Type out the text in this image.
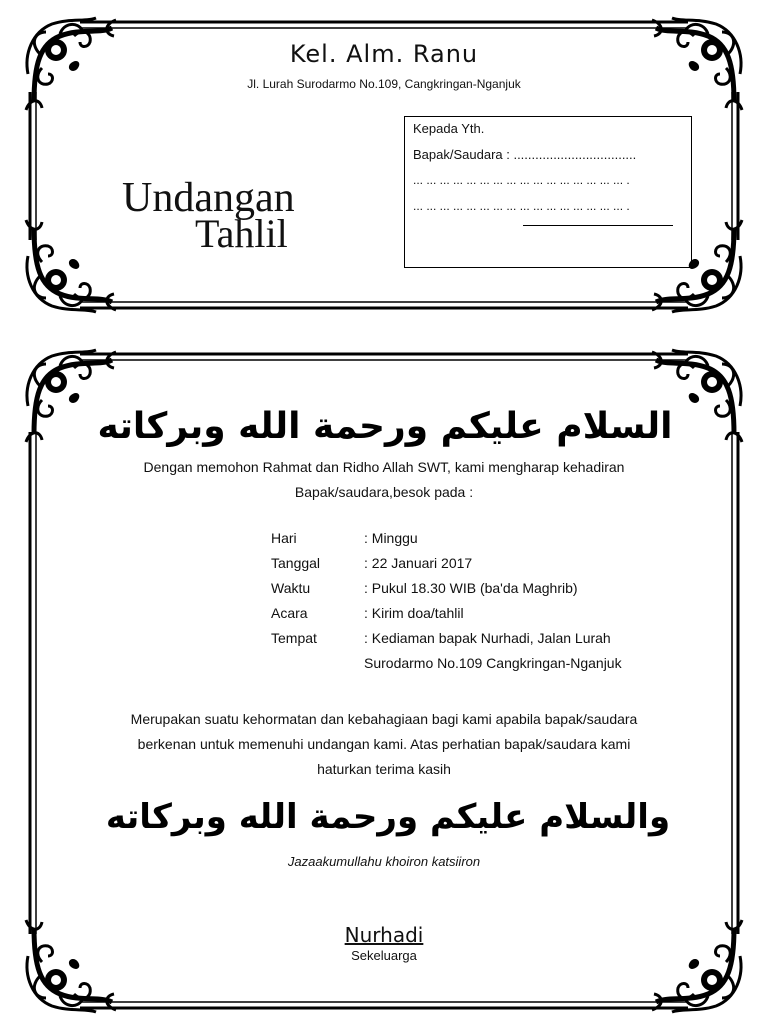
Kel. Alm. Ranu
Jl. Lurah Surodarmo No.109, Cangkringan-Nganjuk
Undangan
Tahlil
Kepada Yth.
Bapak/Saudara : ..................................
... ... ... ... ... ... ... ... ... ... ... ... ... ... ... ... .
... ... ... ... ... ... ... ... ... ... ... ... ... ... ... ... .
السلام عليكم ورحمة الله وبركاته
Dengan memohon Rahmat dan Ridho Allah SWT, kami mengharap kehadiran
Bapak/saudara,besok pada :
Hari	: Minggu
Tanggal	: 22 Januari 2017
Waktu	: Pukul 18.30 WIB (ba'da Maghrib)
Acara	: Kirim doa/tahlil
Tempat	: Kediaman bapak Nurhadi, Jalan Lurah
Surodarmo No.109 Cangkringan-Nganjuk
Merupakan suatu kehormatan dan kebahagiaan bagi kami apabila bapak/saudara
berkenan untuk memenuhi undangan kami. Atas perhatian bapak/saudara kami
haturkan terima kasih
والسلام عليكم ورحمة الله وبركاته
Jazaakumullahu khoiron katsiiron
Nurhadi
Sekeluarga
